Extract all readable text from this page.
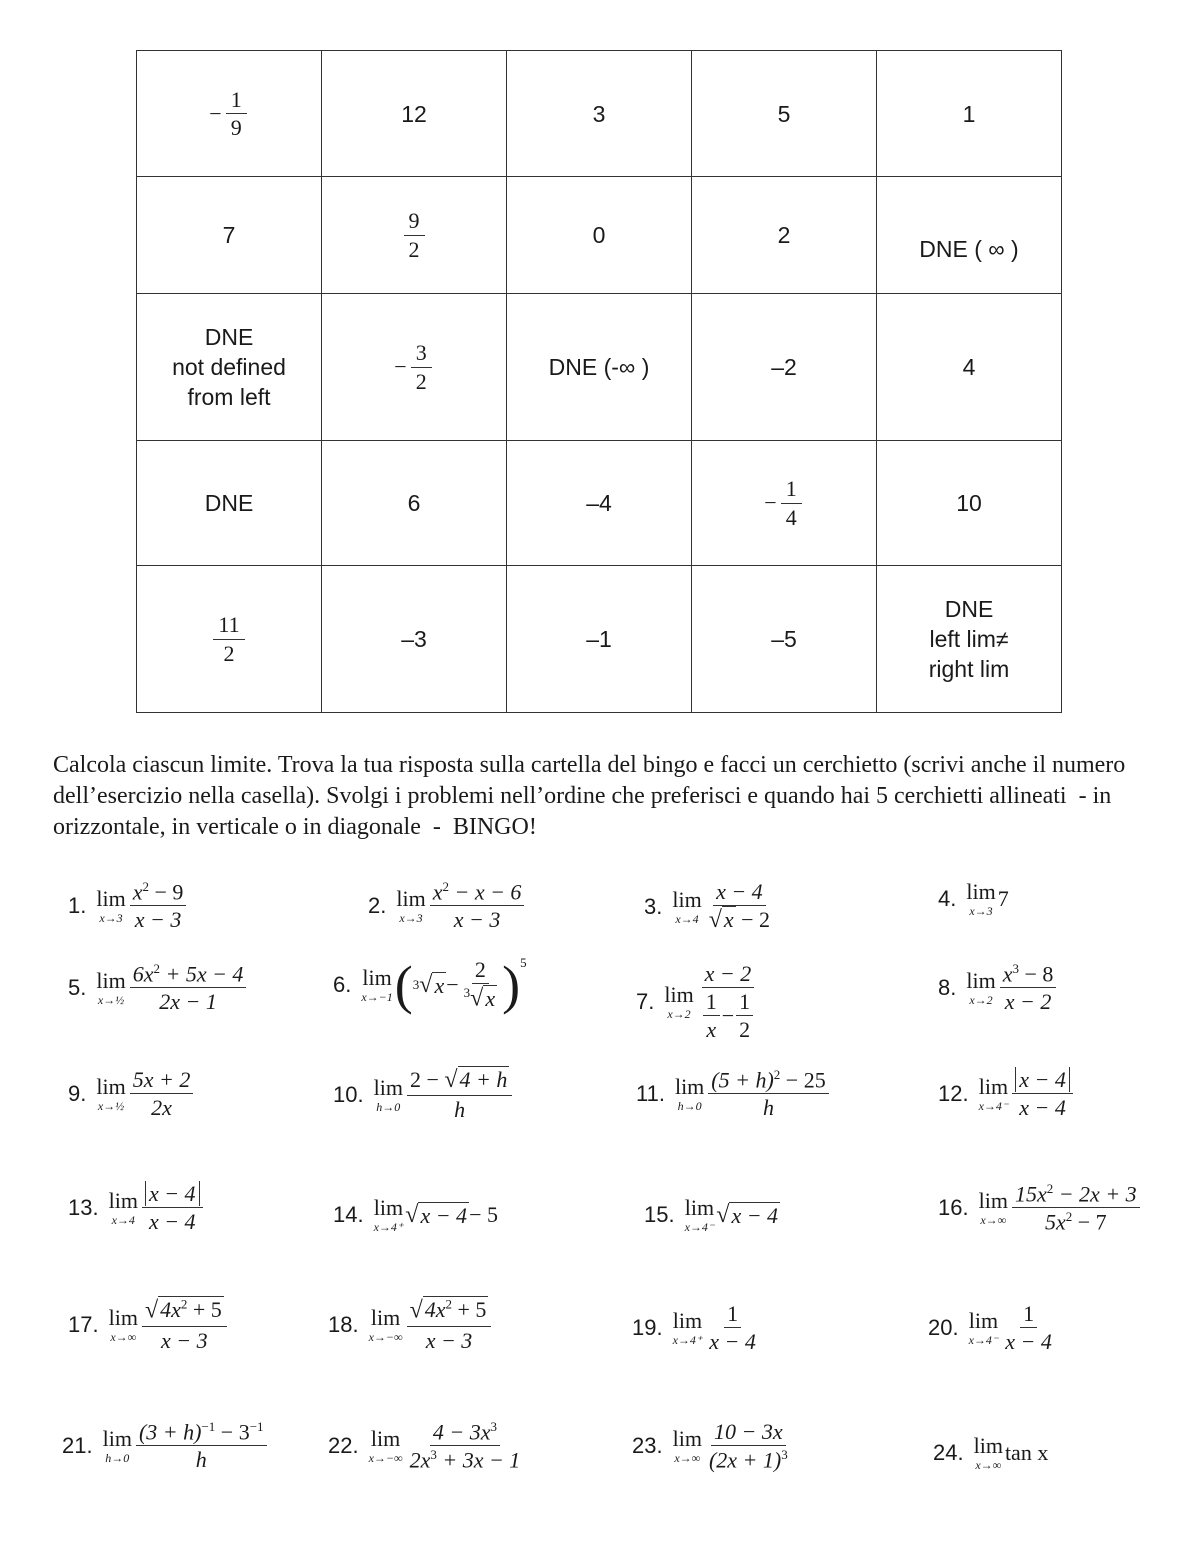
− $\frac{1}{9}$	12	3	5	1
7	$\frac{9}{2}$	0	2	DNE ( ∞ )
DNE
not defined
from left	− $\frac{3}{2}$	DNE (-∞ )	–2	4
DNE	6	–4	− $\frac{1}{4}$	10

$\frac{11}{2}$	–3	–1	–5	DNE
left lim≠
right lim

Calcola ciascun limite. Trova la tua risposta sulla cartella del bingo e facci un cerchietto (scrivi anche il numero dell’esercizio nella casella). Svolgi i problemi nell’ordine che preferisci e quando hai 5 cerchietti allineati  - in orizzontale, in verticale o in diagonale  -  BINGO!

1. lim
$x\to 3 \frac{x^2 - 9}{x - 3}$	2. lim
$x\to 3 \frac{x^2 - x - 6}{x - 3}$	3. lim
$x\to 4 \frac{x - 4}{√x - 2}$	4. lim
x→3 7
5. lim
x→½ $\frac{6x^2 + 5x - 4}{2x - 1}$	6. lim
x→−1 ( 3 √ $x - \frac{2}{^3√x}$ ) 5
7. lim
$x\to 2 \frac{x - 2}{\frac{1}{x} - \frac{1}{2}}$	8. lim
$x\to 2 \frac{x^3 - 8}{x - 2}$
9. lim
x→½ $\frac{5x + 2}{2x}$	10. lim
$h\to 0 \frac{2 - √4 + h}{h}$	11. lim
$h\to 0 \frac{(5 + h)^2 - 25}{h}$	12. lim
$x\to 4^- \frac{x - 4}{x - 4}$
13. lim
$x\to 4 \frac{x - 4}{x - 4}$	14. lim
x→4⁺ √ x − 4 − 5	15. lim
x→4⁻ √ x − 4	16. lim
$x\to\infty \frac{15x^2 - 2x + 3}{5x^2 - 7}$
17. lim
$x\to\infty \frac{√4x^2 + 5}{x - 3}$	18. lim
$x\to-\infty \frac{√4x^2 + 5}{x - 3}$	19. lim
$x\to 4^+ \frac{1}{x - 4}$	20. lim
$x\to 4^- \frac{1}{x - 4}$
21. lim
$h\to 0 \frac{(3 + h)^{-1} - 3^{-1}}{h}$	22. lim
$x\to-\infty \frac{4 - 3x^3}{2x^3 + 3x - 1}$	23. lim
$x\to\infty \frac{10 - 3x}{(2x + 1)^3}$	24. lim
x→∞ tan x
